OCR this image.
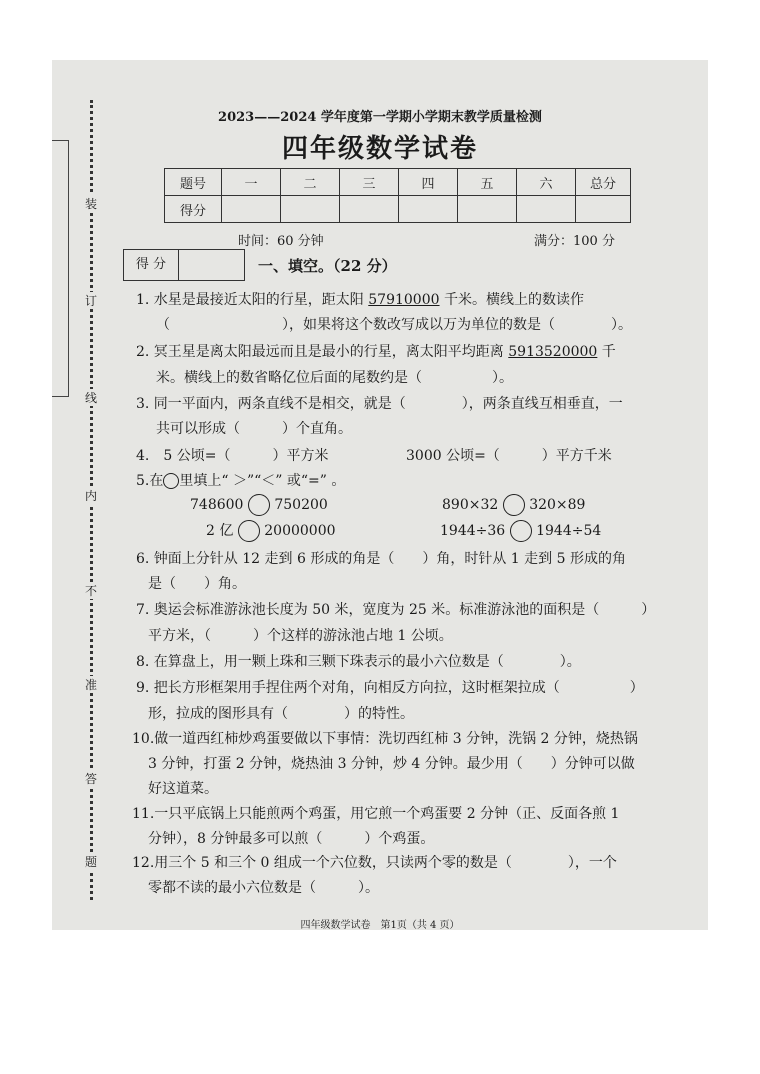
装
订
线
内
不
准
答
题
2023——2024 学年度第一学期小学期末教学质量检测
四年级数学试卷
题号	一	二	三	四	五	六	总分
得分							
时间：60 分钟	满分：100 分
得 分	一、填空。（22 分）
1. 水星是最接近太阳的行星，距太阳 57910000 千米。横线上的数读作
（　　　　　　　　），如果将这个数改写成以万为单位的数是（　　　　）。
2. 冥王星是离太阳最远而且是最小的行星，离太阳平均距离 5913520000 千
米。横线上的数省略亿位后面的尾数约是（　　　　　）。
3. 同一平面内，两条直线不是相交，就是（　　　　），两条直线互相垂直，一
共可以形成（　　　）个直角。
4.　5 公顷=（　　　）平方米	3000 公顷=（　　　）平方千米
5.在 里填上“ ＞”“＜” 或“=” 。
748600 750200	890×32 320×89
2 亿 20000000	1944÷36 1944÷54
6. 钟面上分针从 12 走到 6 形成的角是（　　）角，时针从 1 走到 5 形成的角
是（　　）角。
7. 奥运会标准游泳池长度为 50 米，宽度为 25 米。标准游泳池的面积是（　　　）
平方米，（　　　）个这样的游泳池占地 1 公顷。
8. 在算盘上，用一颗上珠和三颗下珠表示的最小六位数是（　　　　）。
9. 把长方形框架用手捏住两个对角，向相反方向拉，这时框架拉成（　　　　　）
形，拉成的图形具有（　　　　）的特性。
10.做一道西红柿炒鸡蛋要做以下事情：洗切西红柿 3 分钟，洗锅 2 分钟，烧热锅
3 分钟，打蛋 2 分钟，烧热油 3 分钟，炒 4 分钟。最少用（　　）分钟可以做
好这道菜。
11.一只平底锅上只能煎两个鸡蛋，用它煎一个鸡蛋要 2 分钟（正、反面各煎 1
分钟），8 分钟最多可以煎（　　　）个鸡蛋。
12.用三个 5 和三个 0 组成一个六位数，只读两个零的数是（　　　　），一个
零都不读的最小六位数是（　　　）。
四年级数学试卷　第1页（共 4 页）
